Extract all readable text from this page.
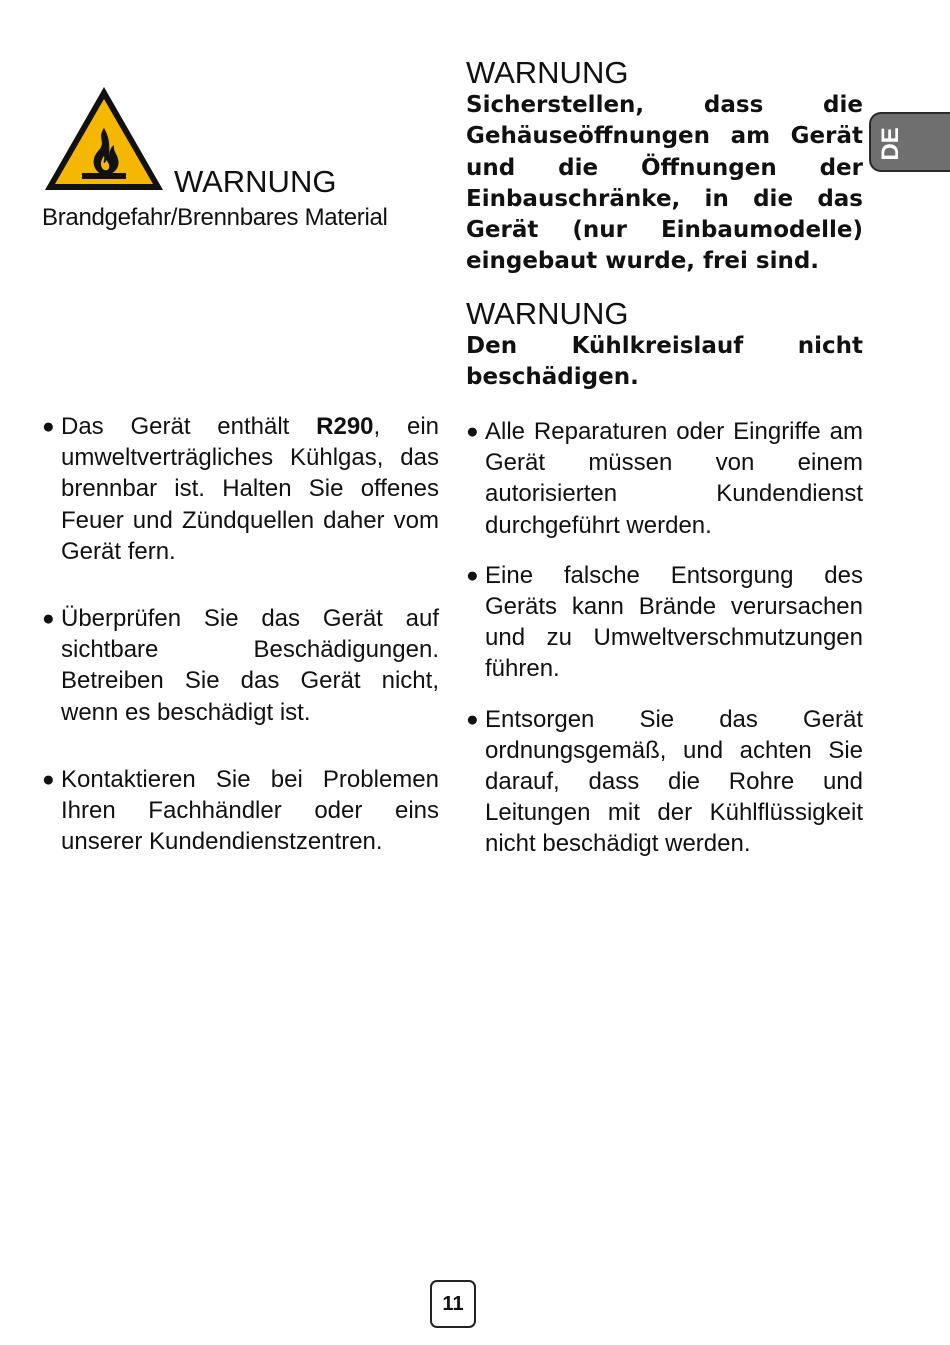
DE
WARNUNG

Brandgefahr/Brennbares Material

● Das Gerät enthält R290, ein umweltverträgliches Kühlgas, das brennbar ist. Halten Sie offenes Feuer und Zündquellen daher vom Gerät fern.
● Überprüfen Sie das Gerät auf sichtbare Beschädigungen. Betreiben Sie das Gerät nicht, wenn es beschädigt ist.
● Kontaktieren Sie bei Problemen Ihren Fachhändler oder eins unserer Kundendienstzentren.
WARNUNG

Sicherstellen, dass die Gehäuseöffnungen am Gerät und die Öffnungen der Einbauschränke, in die das Gerät (nur Einbaumodelle) eingebaut wurde, frei sind.

WARNUNG

Den Kühlkreislauf nicht beschädigen.

● Alle Reparaturen oder Eingriffe am Gerät müssen von einem autorisierten Kundendienst durchgeführt werden.
● Eine falsche Entsorgung des Geräts kann Brände verursachen und zu Umweltverschmutzungen führen.
● Entsorgen Sie das Gerät ordnungsgemäß, und achten Sie darauf, dass die Rohre und Leitungen mit der Kühlflüssigkeit nicht beschädigt werden.
11
